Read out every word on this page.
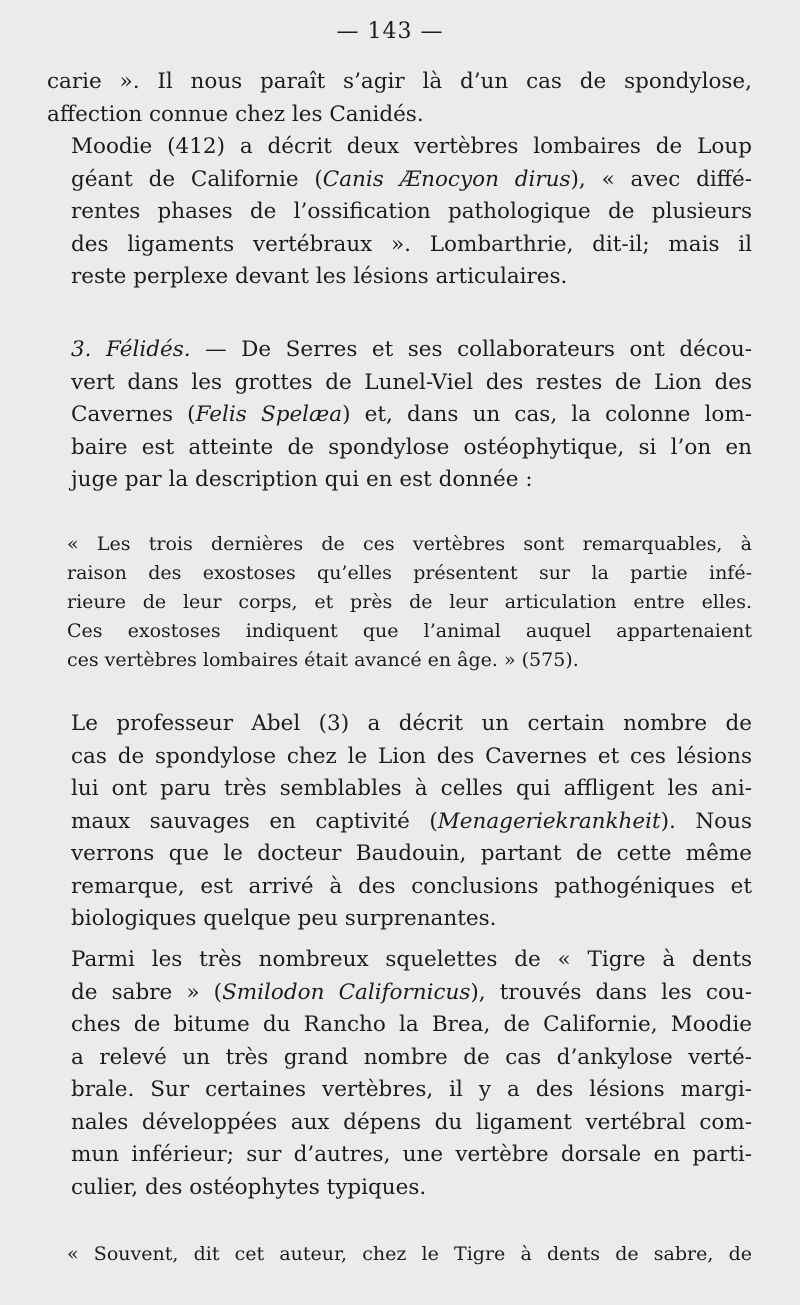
— 143 —
carie ». Il nous paraît s’agir là d’un cas de spondylose,
affection connue chez les Canidés.
Moodie (412) a décrit deux vertèbres lombaires de Loup
géant de Californie (Canis Ænocyon dirus), « avec diffé-
rentes phases de l’ossification pathologique de plusieurs
des ligaments vertébraux ». Lombarthrie, dit-il; mais il
reste perplexe devant les lésions articulaires.
3. Félidés. — De Serres et ses collaborateurs ont décou-
vert dans les grottes de Lunel-Viel des restes de Lion des
Cavernes (Felis Spelæa) et, dans un cas, la colonne lom-
baire est atteinte de spondylose ostéophytique, si l’on en
juge par la description qui en est donnée :
« Les trois dernières de ces vertèbres sont remarquables, à
raison des exostoses qu’elles présentent sur la partie infé-
rieure de leur corps, et près de leur articulation entre elles.
Ces exostoses indiquent que l’animal auquel appartenaient
ces vertèbres lombaires était avancé en âge. » (575).
Le professeur Abel (3) a décrit un certain nombre de
cas de spondylose chez le Lion des Cavernes et ces lésions
lui ont paru très semblables à celles qui affligent les ani-
maux sauvages en captivité (Menageriekrankheit). Nous
verrons que le docteur Baudouin, partant de cette même
remarque, est arrivé à des conclusions pathogéniques et
biologiques quelque peu surprenantes.
Parmi les très nombreux squelettes de « Tigre à dents
de sabre » (Smilodon Californicus), trouvés dans les cou-
ches de bitume du Rancho la Brea, de Californie, Moodie
a relevé un très grand nombre de cas d’ankylose verté-
brale. Sur certaines vertèbres, il y a des lésions margi-
nales développées aux dépens du ligament vertébral com-
mun inférieur; sur d’autres, une vertèbre dorsale en parti-
culier, des ostéophytes typiques.
« Souvent, dit cet auteur, chez le Tigre à dents de sabre, de
